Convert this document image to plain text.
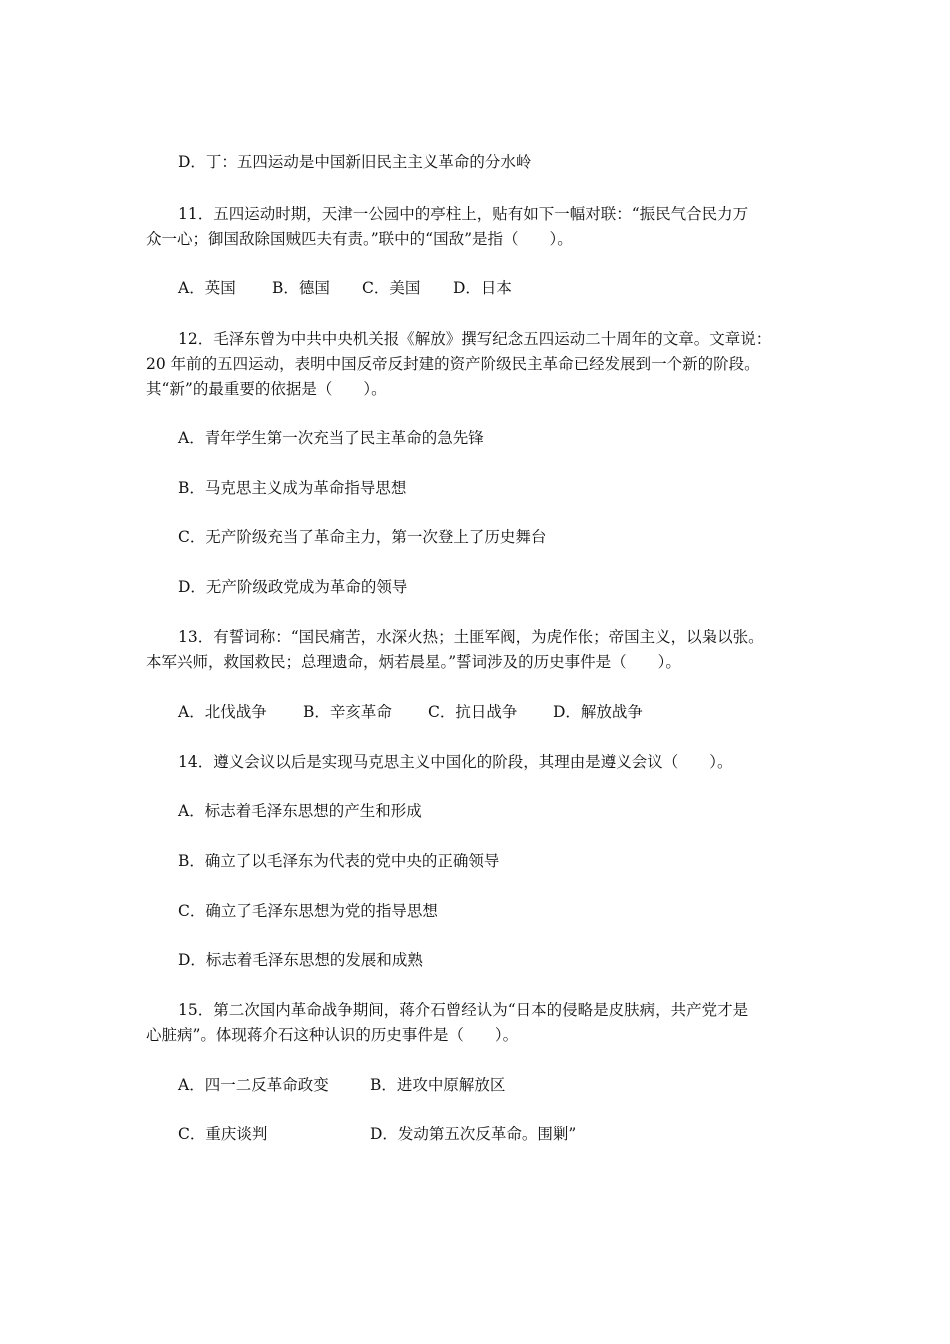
D．丁：五四运动是中国新旧民主主义革命的分水岭
11．五四运动时期，天津一公园中的亭柱上，贴有如下一幅对联：“振民气合民力万
众一心；御国敌除国贼匹夫有责。”联中的“国敌”是指（　　）。
A．英国 B．德国 C．美国 D．日本
12．毛泽东曾为中共中央机关报《解放》撰写纪念五四运动二十周年的文章。文章说：
20 年前的五四运动，表明中国反帝反封建的资产阶级民主革命已经发展到一个新的阶段。
其“新”的最重要的依据是（　　）。
A．青年学生第一次充当了民主革命的急先锋
B．马克思主义成为革命指导思想
C．无产阶级充当了革命主力，第一次登上了历史舞台
D．无产阶级政党成为革命的领导
13．有誓词称：“国民痛苦，水深火热；土匪军阀，为虎作伥；帝国主义，以枭以张。
本军兴师，救国救民；总理遗命，炳若晨星。”誓词涉及的历史事件是（　　）。
A．北伐战争 B．辛亥革命 C．抗日战争 D．解放战争
14．遵义会议以后是实现马克思主义中国化的阶段，其理由是遵义会议（　　）。
A．标志着毛泽东思想的产生和形成
B．确立了以毛泽东为代表的党中央的正确领导
C．确立了毛泽东思想为党的指导思想
D．标志着毛泽东思想的发展和成熟
15．第二次国内革命战争期间，蒋介石曾经认为“日本的侵略是皮肤病，共产党才是
心脏病”。体现蒋介石这种认识的历史事件是（　　）。
A．四一二反革命政变	B．进攻中原解放区
C．重庆谈判	D．发动第五次反革命。围剿”
